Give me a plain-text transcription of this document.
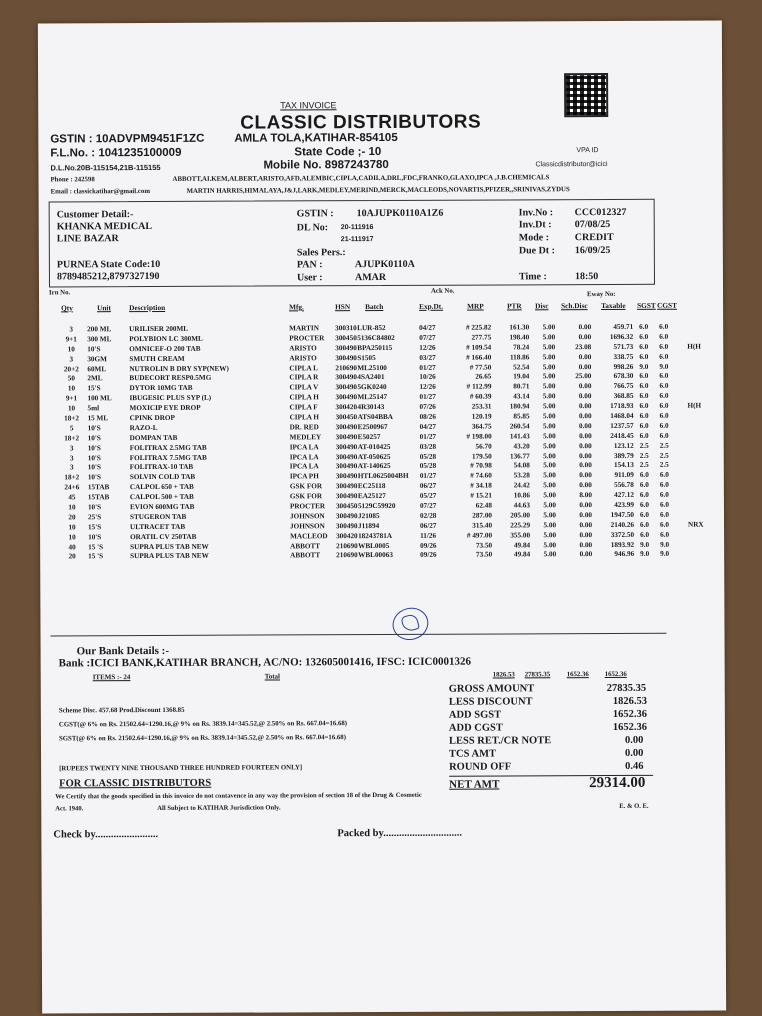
TAX INVOICE
CLASSIC DISTRIBUTORS
GSTIN : 10ADVPM9451F1ZC	AMLA TOLA,KATIHAR-854105
F.L.No. : 1041235100009	State Code ;- 10	VPA ID
D.L.No.20B-115154,21B-115155	Mobile No. 8987243780	Classicdistributor@icici
Phone : 242598	ABBOTT,AI.KEM,ALBERT,ARISTO,AFD,ALEMBIC,CIPLA,CADILA,DRL,FDC,FRANKO,GLAXO,IPCA ,J.B.CHEMICALS
Email : classickatihar@gmail.com	MARTIN HARRIS,HIMALAYA,J&J,LARK,MEDLEY,MERIND,MERCK,MACLEODS,NOVARTIS,PFIZER,,SRINIVAS,ZYDUS
Customer Detail:-
KHANKA MEDICAL
LINE BAZAR
PURNEA State Code:10
8789485212,8797327190
GSTIN : 10AJUPK0110A1Z6
DL No: 20-111916
21-111917
Sales Pers.:
PAN :	AJUPK0110A
User :	AMAR
Inv.No : CCC012327
Inv.Dt : 07/08/25
Mode :	CREDIT
Due Dt : 16/09/25
Time :	18:50
Irn No.	Ack No.	Eway No:
Qty	Unit Description	Mfg.	HSN Batch	Exp.Dt.	MRP	PTR Disc Sch.Disc Taxable SGST CGST
3	200 ML	URILISER 200ML	MARTIN	300310 LUR-852	04/27	# 225.82	161.30	5.00	0.00	459.71 6.0	6.0
9+1	300 ML	POLYBION LC 300ML	PROCTER	300450 5136C84802	07/27	277.75	198.40	5.00	0.00	1696.32 6.0	6.0
10	10'S	OMNICEF-O 200 TAB	ARISTO	300490 BPA250115	12/26	# 109.54	78.24	5.00	23.08	571.73 6.0	6.0	H(H
3	30GM	SMUTH CREAM	ARISTO	300490 S1505	03/27	# 166.40	118.86	5.00	0.00	338.75 6.0	6.0
20+2	60ML	NUTROLIN B DRY SYP(NEW)	CIPLA L	210690 ML25100	01/27	# 77.50	52.54	5.00	0.00	998.26 9.0	9.0
50	2ML	BUDECORT RESP0.5MG	CIPLA R	300490 4SA2401	10/26	26.65	19.04	5.00	25.00	678.30 6.0	6.0
10	15'S	DYTOR 10MG TAB	CIPLA V	300490 5GK0240	12/26	# 112.99	80.71	5.00	0.00	766.75 6.0	6.0
9+1	100 ML	IBUGESIC PLUS SYP (L)	CIPLA H	300490 ML25147	01/27	# 60.39	43.14	5.00	0.00	368.85 6.0	6.0
10	5ml	MOXICIP EYE DROP	CIPLA F	300420 4R30143	07/26	253.31	180.94	5.00	0.00	1718.93 6.0	6.0	H(H
18+2	15 ML	CPINK DROP	CIPLA H	300450 ATS04BBA	08/26	120.19	85.85	5.00	0.00	1468.04 6.0	6.0
5	10'S	RAZO-L	DR. RED	300490 E2500967	04/27	364.75	260.54	5.00	0.00	1237.57 6.0	6.0
18+2	10'S	DOMPAN TAB	MEDLEY	300490 E50257	01/27	# 198.00	141.43	5.00	0.00	2418.45 6.0	6.0
3	10'S	FOLITRAX 2.5MG TAB	IPCA LA	300490 AT-010425	03/28	56.70	43.20	5.00	0.00	123.12 2.5	2.5
3	10'S	FOLITRAX 7.5MG TAB	IPCA LA	300490 AT-050625	05/28	179.50	136.77	5.00	0.00	389.79 2.5	2.5
3	10'S	FOLITRAX-10 TAB	IPCA LA	300490 AT-140625	05/28	# 70.98	54.08	5.00	0.00	154.13 2.5	2.5
18+2	10'S	SOLVIN COLD TAB	IPCA PH	300490 HTL0625004BH	01/27	# 74.60	53.28	5.00	0.00	911.09 6.0	6.0
24+6	15TAB	CALPOL 650 + TAB	GSK FOR	300490 EC25118	06/27	# 34.18	24.42	5.00	0.00	556.78 6.0	6.0
45	15TAB	CALPOL 500 + TAB	GSK FOR	300490 EA25127	05/27	# 15.21	10.86	5.00	8.00	427.12 6.0	6.0
10	10'S	EVION 600MG TAB	PROCTER	300450 5129C59920	07/27	62.48	44.63	5.00	0.00	423.99 6.0	6.0
20	25'S	STUGERON TAB	JOHNSON	300490 J21085	02/28	287.00	205.00	5.00	0.00	1947.50 6.0	6.0
10	15'S	ULTRACET TAB	JOHNSON	300490 J11894	06/27	315.40	225.29	5.00	0.00	2140.26 6.0	6.0	NRX
10	10'S	ORATIL CV 250TAB	MACLEOD	300420 18243781A	11/26	# 497.00	355.00	5.00	0.00	3372.50 6.0	6.0
40	15 'S	SUPRA PLUS TAB NEW	ABBOTT	210690 WBL0005	09/26	73.50	49.84	5.00	0.00	1893.92 9.0	9.0
20	15 'S	SUPRA PLUS TAB NEW	ABBOTT	210690 WBL00063	09/26	73.50	49.84	5.00	0.00	946.96 9.0	9.0
Our Bank Details :-
Bank :ICICI BANK,KATIHAR BRANCH, AC/NO: 132605001416, IFSC: ICIC0001326
ITEMS :- 24	Total	1826.53 27835.35 1652.36 1652.36
Scheme Disc. 457.68 Prod.Discount 1368.85
CGST(@ 6% on Rs. 21502.64=1290.16,@ 9% on Rs. 3839.14=345.52,@ 2.50% on Rs. 667.04=16.68)
SGST(@ 6% on Rs. 21502.64=1290.16,@ 9% on Rs. 3839.14=345.52,@ 2.50% on Rs. 667.04=16.68)
[RUPEES TWENTY NINE THOUSAND THREE HUNDRED FOURTEEN ONLY]
FOR CLASSIC DISTRIBUTORS
We Certify that the goods specified in this invoice do not contavence in any way the provision of section 18 of the Drug & Cosmetic
Act. 1940.	All Subject to KATIHAR Jurisdiction Only.	E. & O. E.
Check by........................	Packed by..............................
GROSS AMOUNT	27835.35
LESS DISCOUNT	1826.53
ADD SGST	1652.36
ADD CGST	1652.36
LESS RET./CR NOTE	0.00
TCS AMT	0.00
ROUND OFF	0.46
NET AMT	29314.00
